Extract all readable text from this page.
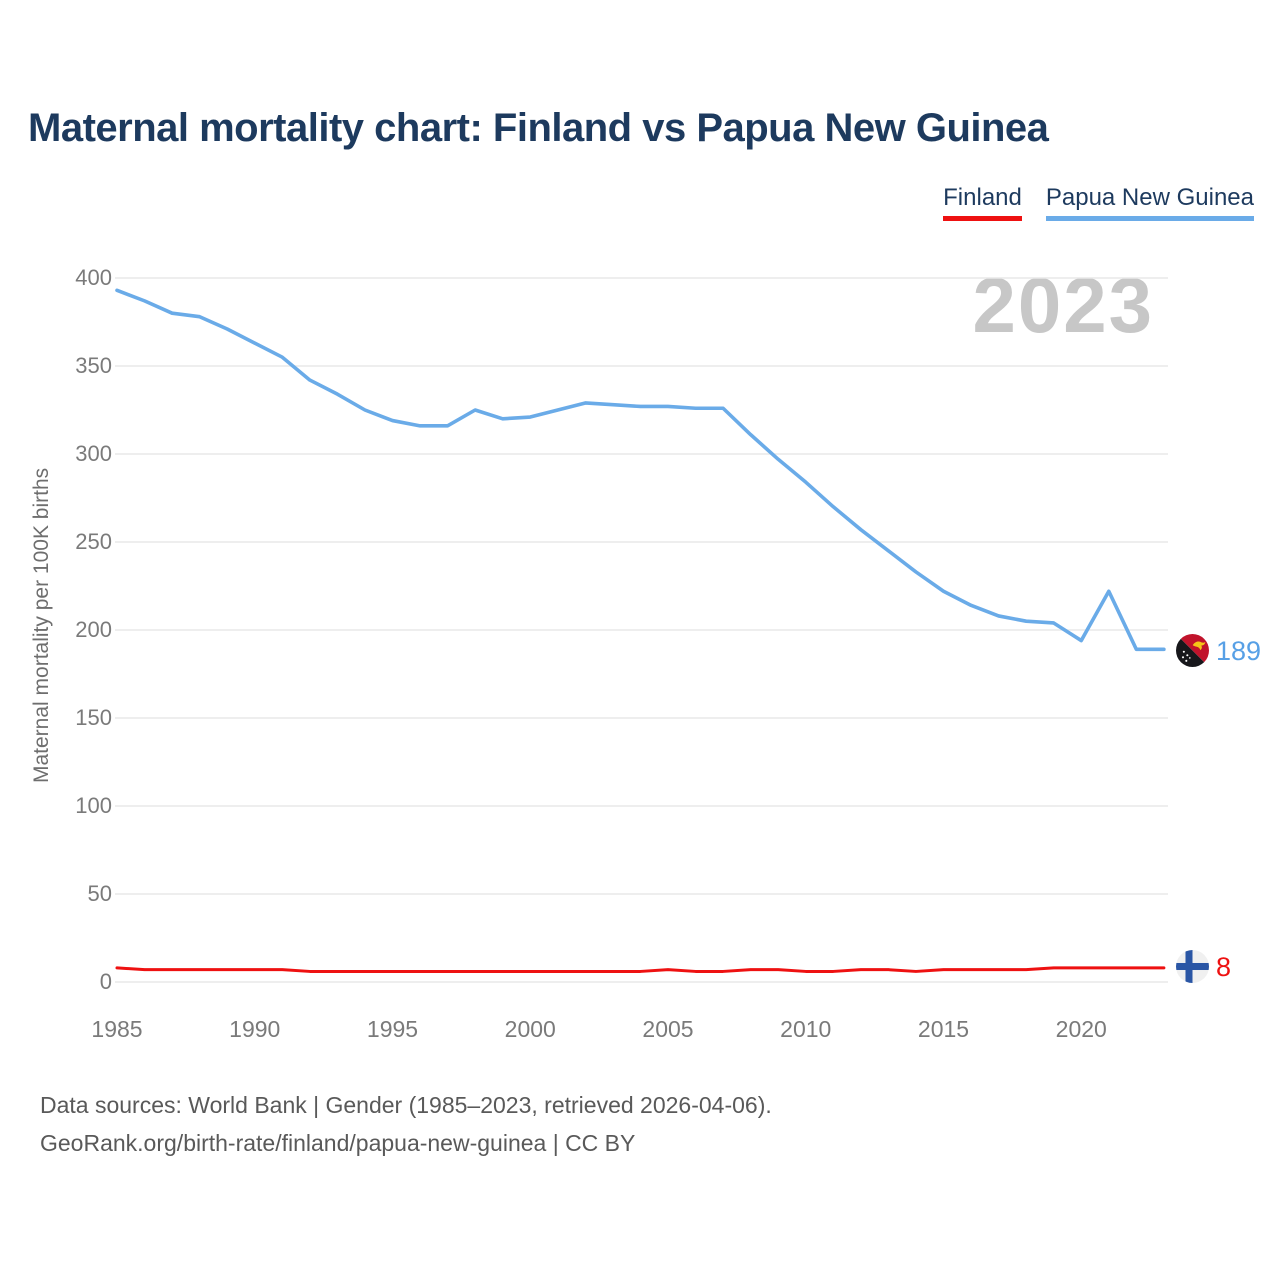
Maternal mortality chart: Finland vs Papua New Guinea
Finland Papua New Guinea
2023
Maternal mortality per 100K births
0
50
100
150
200
250
300
350
400
1985	1990	1995	2000	2005	2010	2015	2020
189
8
Data sources: World Bank | Gender (1985–2023, retrieved 2026-04-06).
GeoRank.org/birth-rate/finland/papua-new-guinea | CC BY
